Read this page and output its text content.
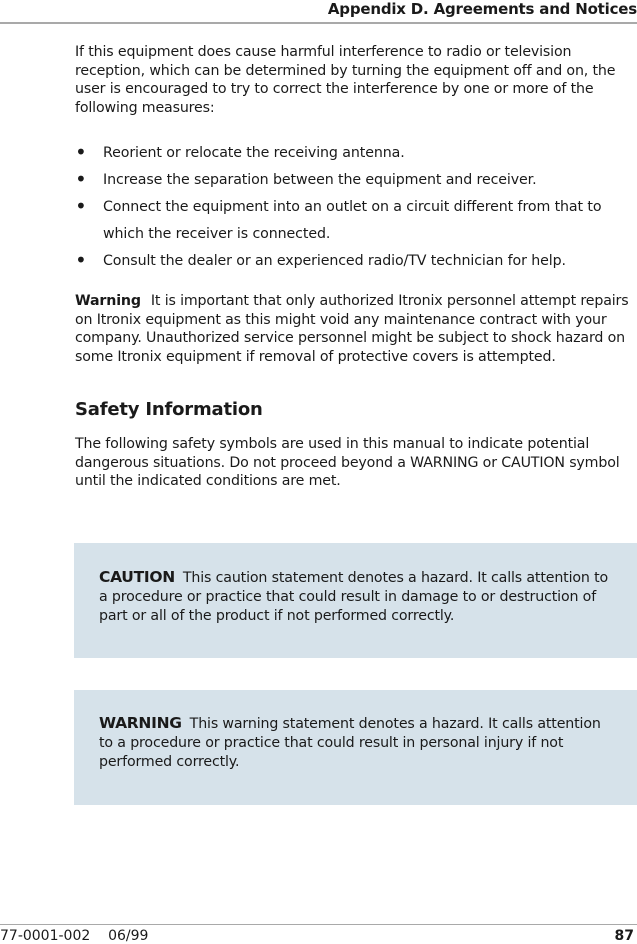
Appendix D. Agreements and Notices
If this equipment does cause harmful interference to radio or television reception, which can be determined by turning the equipment off and on, the user is encouraged to try to correct the interference by one or more of the following measures:
• Reorient or relocate the receiving antenna.
• Increase the separation between the equipment and receiver.
• Connect the equipment into an outlet on a circuit different from that to which the receiver is connected.
• Consult the dealer or an experienced radio/TV technician for help.

Warning It is important that only authorized Itronix personnel attempt repairs on Itronix equipment as this might void any maintenance contract with your company. Unauthorized service personnel might be subject to shock hazard on some Itronix equipment if removal of protective covers is attempted.

Safety Information
The following safety symbols are used in this manual to indicate potential dangerous situations. Do not proceed beyond a WARNING or CAUTION symbol until the indicated conditions are met.
CAUTION This caution statement denotes a hazard. It calls attention to a procedure or practice that could result in damage to or destruction of part or all of the product if not performed correctly.
WARNING This warning statement denotes a hazard. It calls attention to a procedure or practice that could result in personal injury if not performed correctly.
77-0001-002 06/99	87
